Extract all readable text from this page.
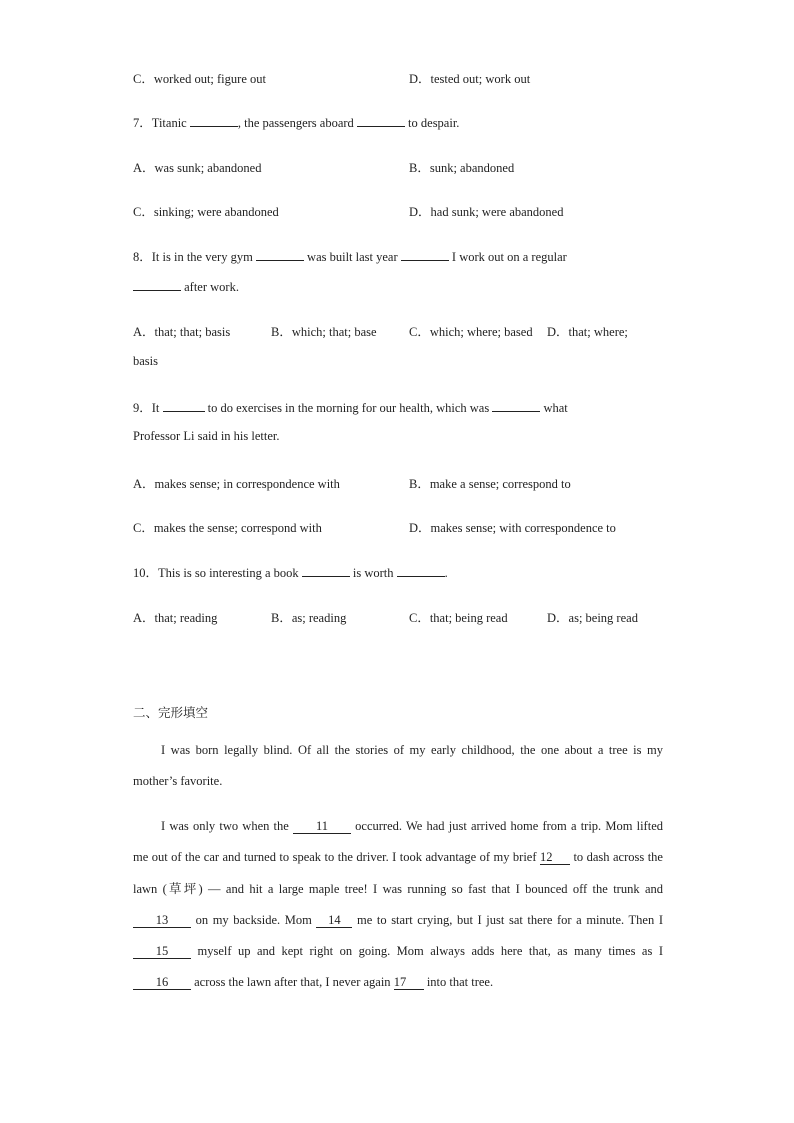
C．worked out; figure out	D．tested out; work out
7．Titanic	, the passengers aboard	to despair.
A．was sunk; abandoned	B．sunk; abandoned
C．sinking; were abandoned	D．had sunk; were abandoned
8．It is in the very gym	was built last year	I work out on a regular
after work.
A．that; that; basis	B．which; that; base	C．which; where; based D．that; where;
basis
9．It	to do exercises in the morning for our health, which was	what
Professor Li said in his letter.
A．makes sense; in correspondence with	B．make a sense; correspond to
C．makes the sense; correspond with	D．makes sense; with correspondence to
10．This is so interesting a book	is worth	.
A．that; reading	B．as; reading	C．that; being read	D．as; being read
二、完形填空
I was born legally blind. Of all the stories of my early childhood, the one about a tree is my mother’s favorite.
I was only two when the 11 occurred. We had just arrived home from a trip. Mom lifted me out of the car and turned to speak to the driver. I took advantage of my brief 12 to dash across the lawn (草坪) — and hit a large maple tree! I was running so fast that I bounced off the trunk and 13 on my backside. Mom 14 me to start crying, but I just sat there for a minute. Then I 15 myself up and kept right on going. Mom always adds here that, as many times as I 16 across the lawn after that, I never again 17 into that tree.
